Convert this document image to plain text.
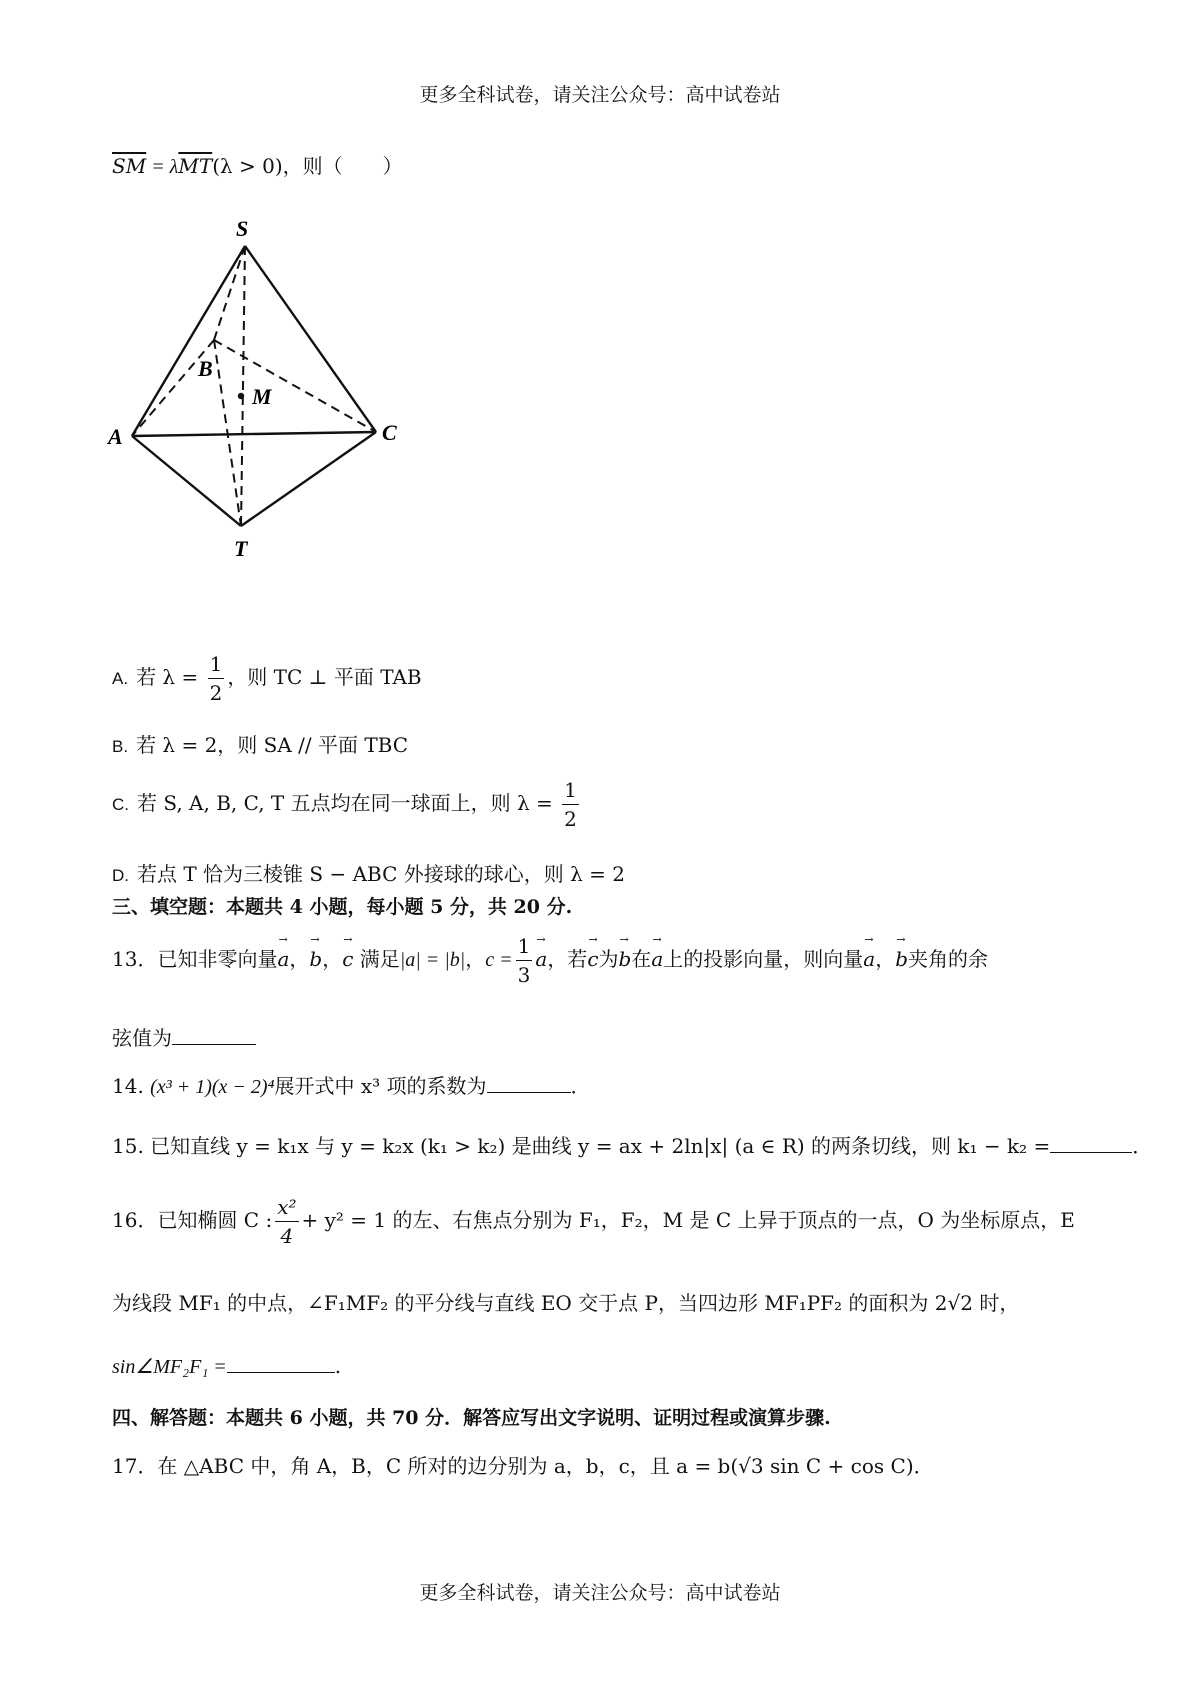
更多全科试卷，请关注公众号：高中试卷站
$\overline{SM} = \lambda\overline{MT}(\lambda > 0)$，则（　　）
S
A
B
C
M
T
A. 若 $\lambda = \frac{1}{2}$ ，则 TC ⊥ 平面 TAB
B. 若 λ = 2，则 SA // 平面 TBC
C. 若 S, A, B, C, T 五点均在同一球面上，则 $\lambda = \frac{1}{2}$
D. 若点 T 恰为三棱锥 S − ABC 外接球的球心，则 λ = 2
三、填空题：本题共 4 小题，每小题 5 分，共 20 分.
13．已知非零向量→ a，→ b，→ c 满足|a| = |b|，$c = \frac{1}{3} \to a$，若→ c为→ b在→ a上的投影向量，则向量→ a，→ b夹角的余
弦值为
14. (x³ + 1)(x − 2)⁴展开式中 x³ 项的系数为	．
15. 已知直线 y = k₁x 与 y = k₂x (k₁ > k₂) 是曲线 y = ax + 2ln|x| (a ∈ R) 的两条切线，则 k₁ − k₂ =	．
16．已知椭圆 C : $\frac{\text{x²}}{4} + y^2 = 1$ 的左、右焦点分别为 F₁，F₂，M 是 C 上异于顶点的一点，O 为坐标原点，E
为线段 MF₁ 的中点，∠F₁MF₂ 的平分线与直线 EO 交于点 P，当四边形 MF₁PF₂ 的面积为 2√2 时，
sin∠MF₂F₁ =	.
四、解答题：本题共 6 小题，共 70 分．解答应写出文字说明、证明过程或演算步骤.
17．在 △ABC 中，角 A，B，C 所对的边分别为 a，b，c，且 a = b(√3 sin C + cos C)．
更多全科试卷，请关注公众号：高中试卷站
